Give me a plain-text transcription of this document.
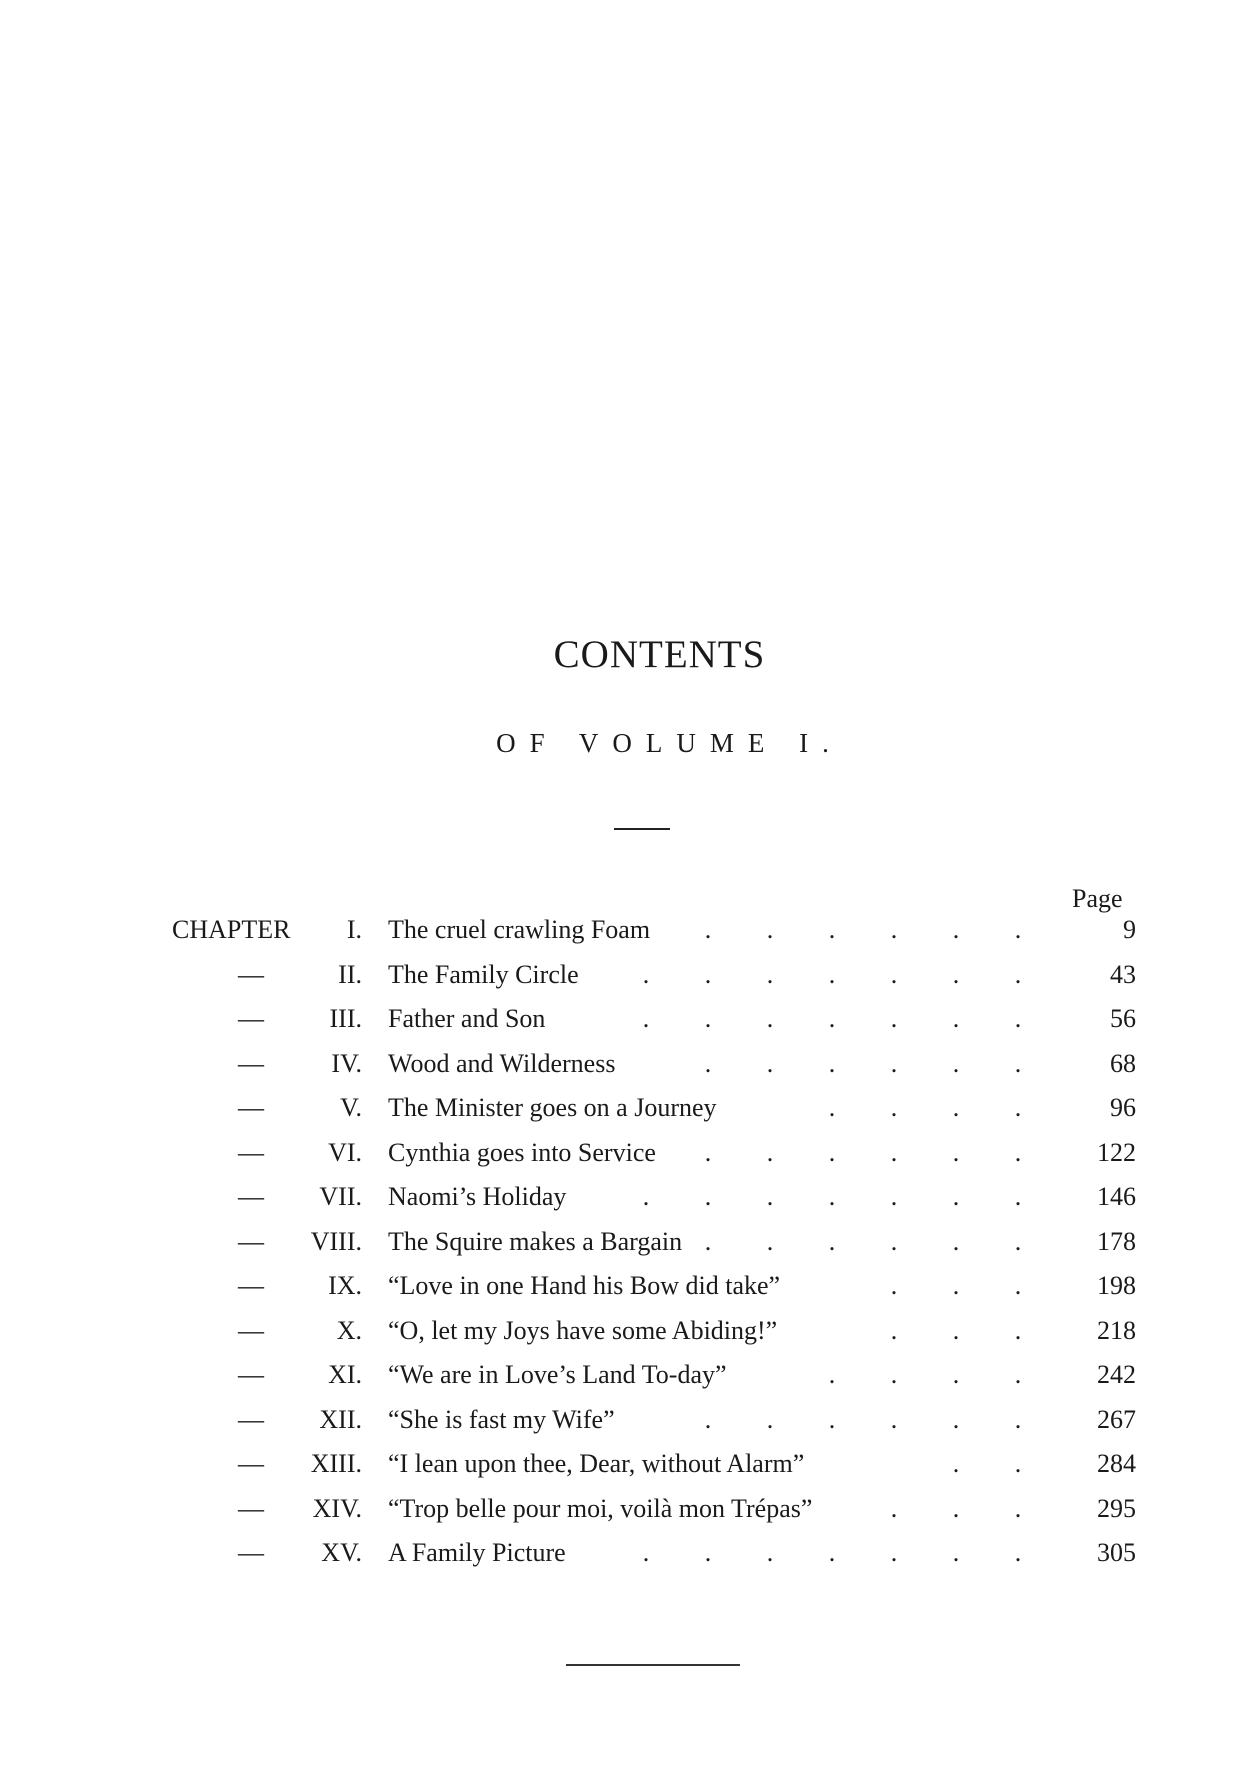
CONTENTS
OF VOLUME I.
Page
CHAPTER	I. The cruel crawling Foam	. . . . . .	9
—	II. The Family Circle	. . . . . . .	43
—	III. Father and Son	. . . . . . .	56
—	IV. Wood and Wilderness	. . . . . .	68
—	V. The Minister goes on a Journey	. . . .	96
—	VI. Cynthia goes into Service	. . . . . .	122
—	VII. Naomi’s Holiday	. . . . . . .	146
—	VIII. The Squire makes a Bargain . . . . . .	178
—	IX. “Love in one Hand his Bow did take”	. . .	198
—	X. “O, let my Joys have some Abiding!”	. . .	218
—	XI. “We are in Love’s Land To-day”	. . . .	242
—	XII. “She is fast my Wife”	. . . . . .	267
—	XIII. “I lean upon thee, Dear, without Alarm”	. .	284
—	XIV. “Trop belle pour moi, voilà mon Trépas”	. . .	295
—	XV. A Family Picture	. . . . . . .	305
